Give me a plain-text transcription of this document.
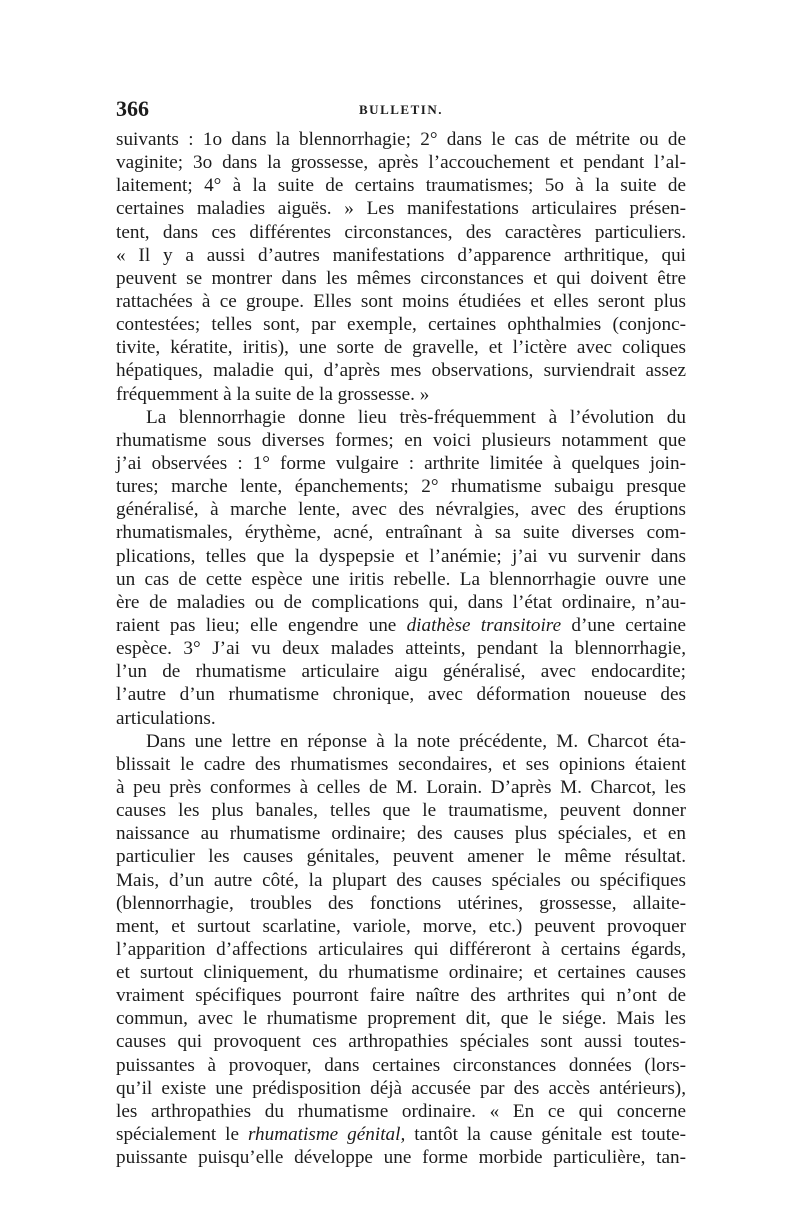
366	BULLETIN.
suivants : 1o dans la blennorrhagie; 2° dans le cas de métrite ou de
vaginite; 3o dans la grossesse, après l’accouchement et pendant l’al-
laitement; 4° à la suite de certains traumatismes; 5o à la suite de
certaines maladies aiguës. » Les manifestations articulaires présen-
tent, dans ces différentes circonstances, des caractères particuliers.
« Il y a aussi d’autres manifestations d’apparence arthritique, qui
peuvent se montrer dans les mêmes circonstances et qui doivent être
rattachées à ce groupe. Elles sont moins étudiées et elles seront plus
contestées; telles sont, par exemple, certaines ophthalmies (conjonc-
tivite, kératite, iritis), une sorte de gravelle, et l’ictère avec coliques
hépatiques, maladie qui, d’après mes observations, surviendrait assez
fréquemment à la suite de la grossesse. »
La blennorrhagie donne lieu très-fréquemment à l’évolution du
rhumatisme sous diverses formes; en voici plusieurs notamment que
j’ai observées : 1° forme vulgaire : arthrite limitée à quelques join-
tures; marche lente, épanchements; 2° rhumatisme subaigu presque
généralisé, à marche lente, avec des névralgies, avec des éruptions
rhumatismales, érythème, acné, entraînant à sa suite diverses com-
plications, telles que la dyspepsie et l’anémie; j’ai vu survenir dans
un cas de cette espèce une iritis rebelle. La blennorrhagie ouvre une
ère de maladies ou de complications qui, dans l’état ordinaire, n’au-
raient pas lieu; elle engendre une diathèse transitoire d’une certaine
espèce. 3° J’ai vu deux malades atteints, pendant la blennorrhagie,
l’un de rhumatisme articulaire aigu généralisé, avec endocardite;
l’autre d’un rhumatisme chronique, avec déformation noueuse des
articulations.
Dans une lettre en réponse à la note précédente, M. Charcot éta-
blissait le cadre des rhumatismes secondaires, et ses opinions étaient
à peu près conformes à celles de M. Lorain. D’après M. Charcot, les
causes les plus banales, telles que le traumatisme, peuvent donner
naissance au rhumatisme ordinaire; des causes plus spéciales, et en
particulier les causes génitales, peuvent amener le même résultat.
Mais, d’un autre côté, la plupart des causes spéciales ou spécifiques
(blennorrhagie, troubles des fonctions utérines, grossesse, allaite-
ment, et surtout scarlatine, variole, morve, etc.) peuvent provoquer
l’apparition d’affections articulaires qui différeront à certains égards,
et surtout cliniquement, du rhumatisme ordinaire; et certaines causes
vraiment spécifiques pourront faire naître des arthrites qui n’ont de
commun, avec le rhumatisme proprement dit, que le siége. Mais les
causes qui provoquent ces arthropathies spéciales sont aussi toutes-
puissantes à provoquer, dans certaines circonstances données (lors-
qu’il existe une prédisposition déjà accusée par des accès antérieurs),
les arthropathies du rhumatisme ordinaire. « En ce qui concerne
spécialement le rhumatisme génital, tantôt la cause génitale est toute-
puissante puisqu’elle développe une forme morbide particulière, tan-
